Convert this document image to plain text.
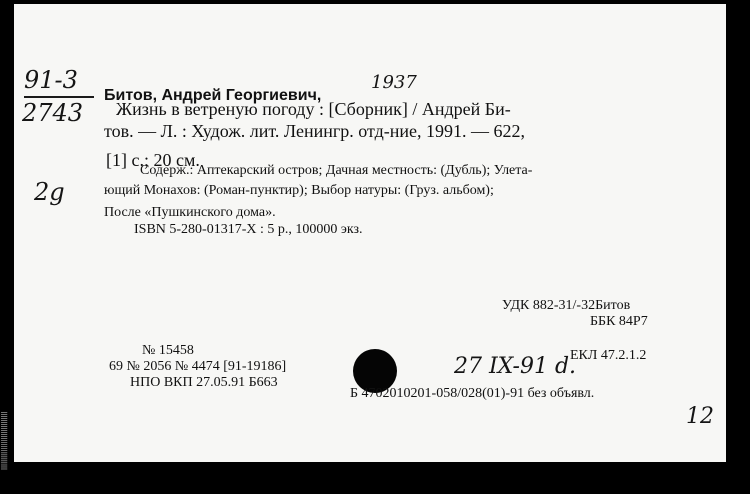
91-3
2743
2g
Битов, Андрей Георгиевич,
1937
Жизнь в ветреную погоду : [Сборник] / Андрей Би-
тов. — Л. : Худож. лит. Ленингр. отд-ние, 1991. — 622,
[1] с.; 20 см.
Содерж.: Аптекарский остров; Дачная местность: (Дубль); Улета-
ющий Монахов: (Роман-пунктир); Выбор натуры: (Груз. альбом);
После «Пушкинского дома».
ISBN 5-280-01317-X : 5 р., 100000 экз.
УДК 882-31/-32Битов
ББК 84Р7
№ 15458
69 № 2056 № 4474 [91-19186]
НПО ВКП 27.05.91 Б663
27 IX-91 d.
ЕКЛ 47.2.1.2
Б 4702010201-058/028(01)-91 без объявл.
12
|||||||||||||||||||||||||||||
